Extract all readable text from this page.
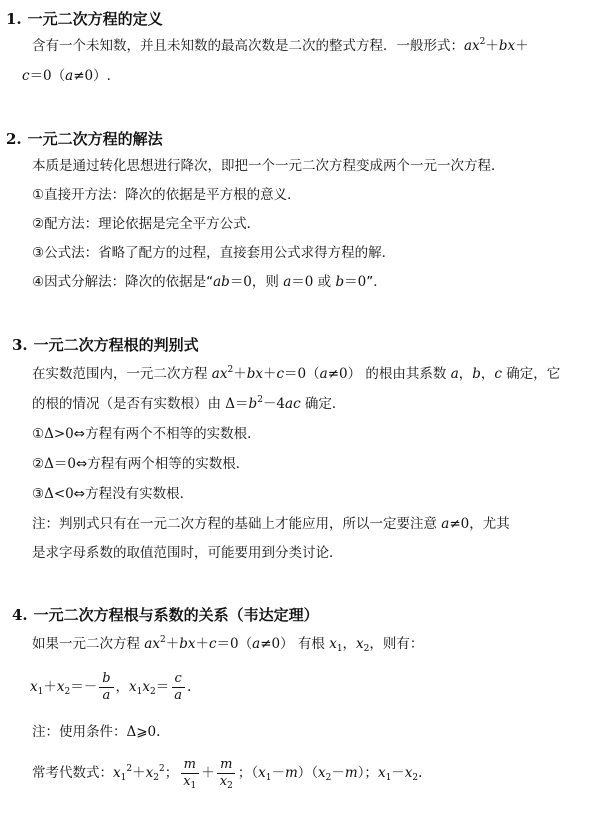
1. 一元二次方程的定义
含有一个未知数，并且未知数的最高次数是二次的整式方程．一般形式：$ax^2+bx+$
c＝0（a≠0）.
2. 一元二次方程的解法
本质是通过转化思想进行降次，即把一个一元二次方程变成两个一元一次方程．
①直接开方法：降次的依据是平方根的意义．
②配方法：理论依据是完全平方公式．
③公式法：省略了配方的过程，直接套用公式求得方程的解．
④因式分解法：降次的依据是“ab＝0，则 a＝0 或 b＝0”．
3. 一元二次方程根的判别式
在实数范围内，一元二次方程 $ax^2+bx+c=0(a\ne 0)$ 的根由其系数 a，b，c 确定，它
的根的情况（是否有实数根）由 $\Delta=b^2-4ac$ 确定．
①Δ>0⇔方程有两个不相等的实数根．
②Δ＝0⇔方程有两个相等的实数根．
③Δ<0⇔方程没有实数根．
注：判别式只有在一元二次方程的基础上才能应用，所以一定要注意 a≠0，尤其
是求字母系数的取值范围时，可能要用到分类讨论．
4. 一元二次方程根与系数的关系（韦达定理）
如果一元二次方程 $ax^2+bx+c=0(a\ne 0)$ 有根 $x_1$，$x_2$，则有：
$x_1+x_2=- \frac{b}{a}$ ，$x_1x_2= \frac{c}{a}$ .
注：使用条件：Δ⩾0.
常考代数式：$x_1^2+x_2^2$； $\frac{m}{x_1} + \frac{m}{x_2}$ ；$(x_1-m)(x_2-m)$；$x_1-x_2$.
